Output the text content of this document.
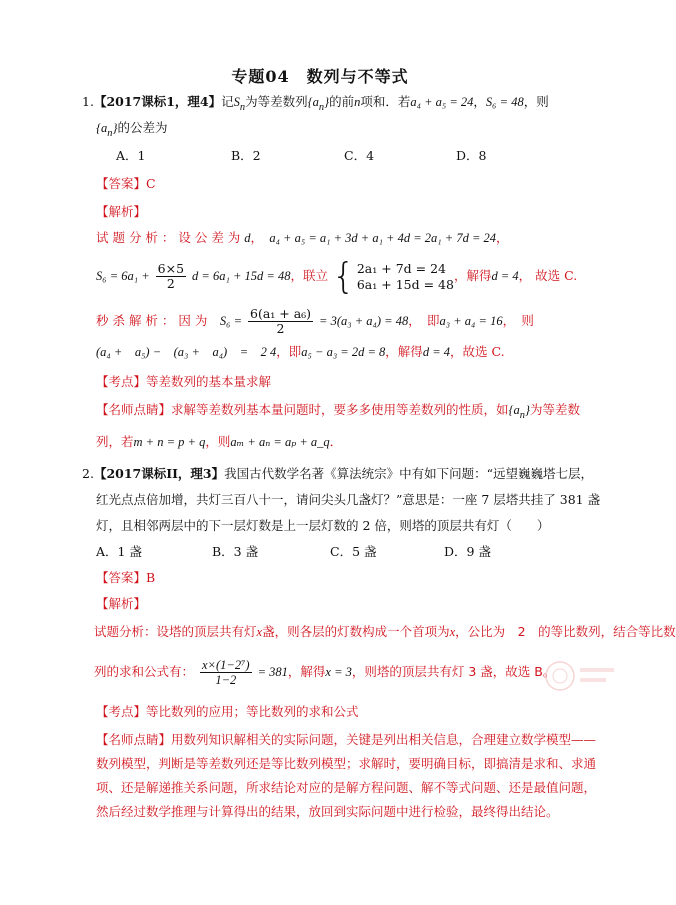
专题04　数列与不等式
1.【2017课标1，理4】记$S_n$为等差数列$\{a_n\}$的前n项和．若a₄ + a₅ = 24，S₆ = 48，则
$\{a_n\}$的公差为
A．1	B．2	C．4	D．8
【答案】C
【解析】
试 题 分 析 ： 设 公 差 为 d，　 a₄ + a₅ = a₁ + 3d + a₁ + 4d = 2a₁ + 7d = 24，
$S_6 = 6a_1 + \frac{6\times 5}{2}$ d = 6a₁ + 15d = 48，联立 { 2a₁ + 7d = 24
6a₁ + 15d = 48
，解得d = 4， 故选 C.
秒 杀 解 析 ： 因 为　 $S_6 = \frac{\text{6(a₁ + a₆)}}{2} = 3(a_3 + a_4) = 48$，　即a₃ + a₄ = 16，　则
(a₄ +　a₅) −　(a₃ +　a₄)　=　2 4，即a₅ − a₃ = 2d = 8，解得d = 4，故选 C.
【考点】等差数列的基本量求解
【名师点睛】求解等差数列基本量问题时，要多多使用等差数列的性质，如$\{a_n\}$为等差数
列，若m + n = p + q，则aₘ + aₙ = aₚ + a_q．
2.【2017课标II，理3】我国古代数学名著《算法统宗》中有如下问题：“远望巍巍塔七层，
红光点点倍加增，共灯三百八十一，请问尖头几盏灯？”意思是：一座 7 层塔共挂了 381 盏
灯，且相邻两层中的下一层灯数是上一层灯数的 2 倍，则塔的顶层共有灯（　　）
A．1 盏	B．3 盏	C．5 盏	D．9 盏
【答案】B
【解析】
试题分析：设塔的顶层共有灯x盏，则各层的灯数构成一个首项为x，公比为　2　的等比数列，结合等比数
列的求和公式有： $\frac{\text{x×(1−2⁷)}}{1-2} = 381$，解得x = 3，则塔的顶层共有灯 3 盏，故选 B。
【考点】等比数列的应用；等比数列的求和公式
【名师点睛】用数列知识解相关的实际问题，关键是列出相关信息，合理建立数学模型——
数列模型，判断是等差数列还是等比数列模型；求解时，要明确目标，即搞清是求和、求通
项、还是解递推关系问题，所求结论对应的是解方程问题、解不等式问题、还是最值问题，
然后经过数学推理与计算得出的结果，放回到实际问题中进行检验，最终得出结论。
